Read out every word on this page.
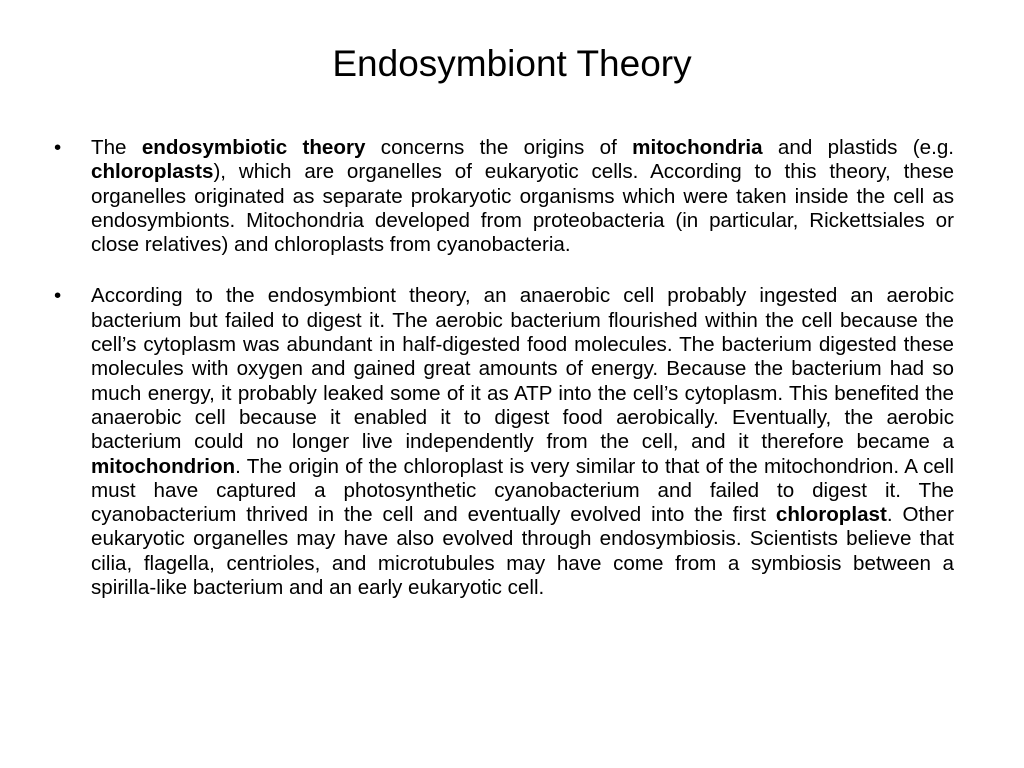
Endosymbiont Theory
•	The endosymbiotic theory concerns the origins of mitochondria and plastids (e.g. chloroplasts), which are organelles of eukaryotic cells. According to this theory, these organelles originated as separate prokaryotic organisms which were taken inside the cell as endosymbionts. Mitochondria developed from proteobacteria (in particular, Rickettsiales or close relatives) and chloroplasts from cyanobacteria.
•	According to the endosymbiont theory, an anaerobic cell probably ingested an aerobic bacterium but failed to digest it. The aerobic bacterium flourished within the cell because the cell’s cytoplasm was abundant in half-digested food molecules. The bacterium digested these molecules with oxygen and gained great amounts of energy. Because the bacterium had so much energy, it probably leaked some of it as ATP into the cell’s cytoplasm. This benefited the anaerobic cell because it enabled it to digest food aerobically. Eventually, the aerobic bacterium could no longer live independently from the cell, and it therefore became a mitochondrion. The origin of the chloroplast is very similar to that of the mitochondrion. A cell must have captured a photosynthetic cyanobacterium and failed to digest it. The cyanobacterium thrived in the cell and eventually evolved into the first chloroplast. Other eukaryotic organelles may have also evolved through endosymbiosis. Scientists believe that cilia, flagella, centrioles, and microtubules may have come from a symbiosis between a spirilla-like bacterium and an early eukaryotic cell.
